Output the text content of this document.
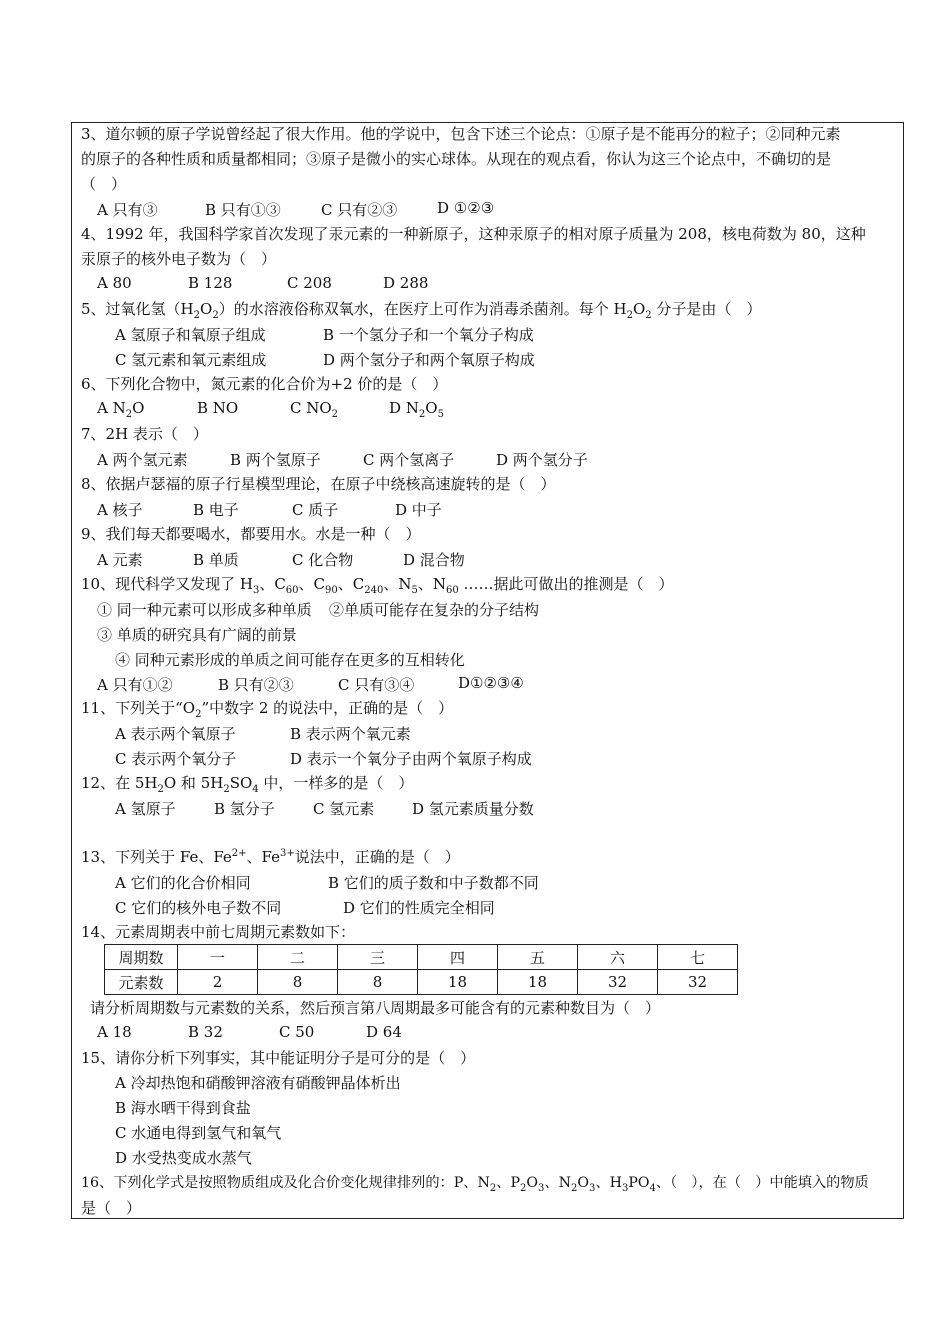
3、道尔顿的原子学说曾经起了很大作用。他的学说中，包含下述三个论点：①原子是不能再分的粒子；②同种元素
的原子的各种性质和质量都相同；③原子是微小的实心球体。从现在的观点看，你认为这三个论点中，不确切的是
（　）
A 只有③	B 只有①③	C 只有②③	D ①②③
4、1992 年，我国科学家首次发现了汞元素的一种新原子，这种汞原子的相对原子质量为 208，核电荷数为 80，这种
汞原子的核外电子数为（　）
A 80	B 128	C 208	D 288
5、过氧化氢$(H_2O_2)$的水溶液俗称双氧水，在医疗上可作为消毒杀菌剂。每个 $H_2O_2$ 分子是由（　）
A 氢原子和氧原子组成	B 一个氢分子和一个氧分子构成
C 氢元素和氧元素组成	D 两个氢分子和两个氧原子构成
6、下列化合物中，氮元素的化合价为+2 价的是（　）
A $N_2O$	B NO	C $NO_2$	D $N_2O_5$
7、2H 表示（　）
A 两个氢元素	B 两个氢原子	C 两个氢离子	D 两个氢分子
8、依据卢瑟福的原子行星模型理论，在原子中绕核高速旋转的是（　）
A 核子	B 电子	C 质子	D 中子
9、我们每天都要喝水，都要用水。水是一种（　）
A 元素	B 单质	C 化合物	D 混合物
10、现代科学又发现了 $H_3$、$C_{60}$、$C_{90}$、$C_{240}$、$N_5$、$N_{60}$ ……据此可做出的推测是（　）
① 同一种元素可以形成多种单质 ②单质可能存在复杂的分子结构
③ 单质的研究具有广阔的前景
④ 同种元素形成的单质之间可能存在更多的互相转化
A 只有①②	B 只有②③	C 只有③④	D①②③④
11、下列关于“$O_2$”中数字 2 的说法中，正确的是（　）
A 表示两个氧原子	B 表示两个氧元素
C 表示两个氧分子	D 表示一个氧分子由两个氧原子构成
12、在 $5H_2O$ 和 $5H_2SO_4$ 中，一样多的是（　）
A 氢原子	B 氢分子	C 氢元素	D 氢元素质量分数
13、下列关于 Fe、$Fe^{2+}$、$Fe^{3+}$说法中，正确的是（　）
A 它们的化合价相同	B 它们的质子数和中子数都不同
C 它们的核外电子数不同	D 它们的性质完全相同
14、元素周期表中前七周期元素数如下：
周期数	一	二	三	四	五	六	七
元素数	2	8	8	18	18	32	32
请分析周期数与元素数的关系，然后预言第八周期最多可能含有的元素种数目为（　）
A 18	B 32	C 50	D 64
15、请你分析下列事实，其中能证明分子是可分的是（　）
A 冷却热饱和硝酸钾溶液有硝酸钾晶体析出
B 海水晒干得到食盐
C 水通电得到氢气和氧气
D 水受热变成水蒸气
16、下列化学式是按照物质组成及化合价变化规律排列的：P、$N_2$、$P_2O_3$、$N_2O_3$、$H_3PO_4$、（　），在（　）中能填入的物质
是（　）
